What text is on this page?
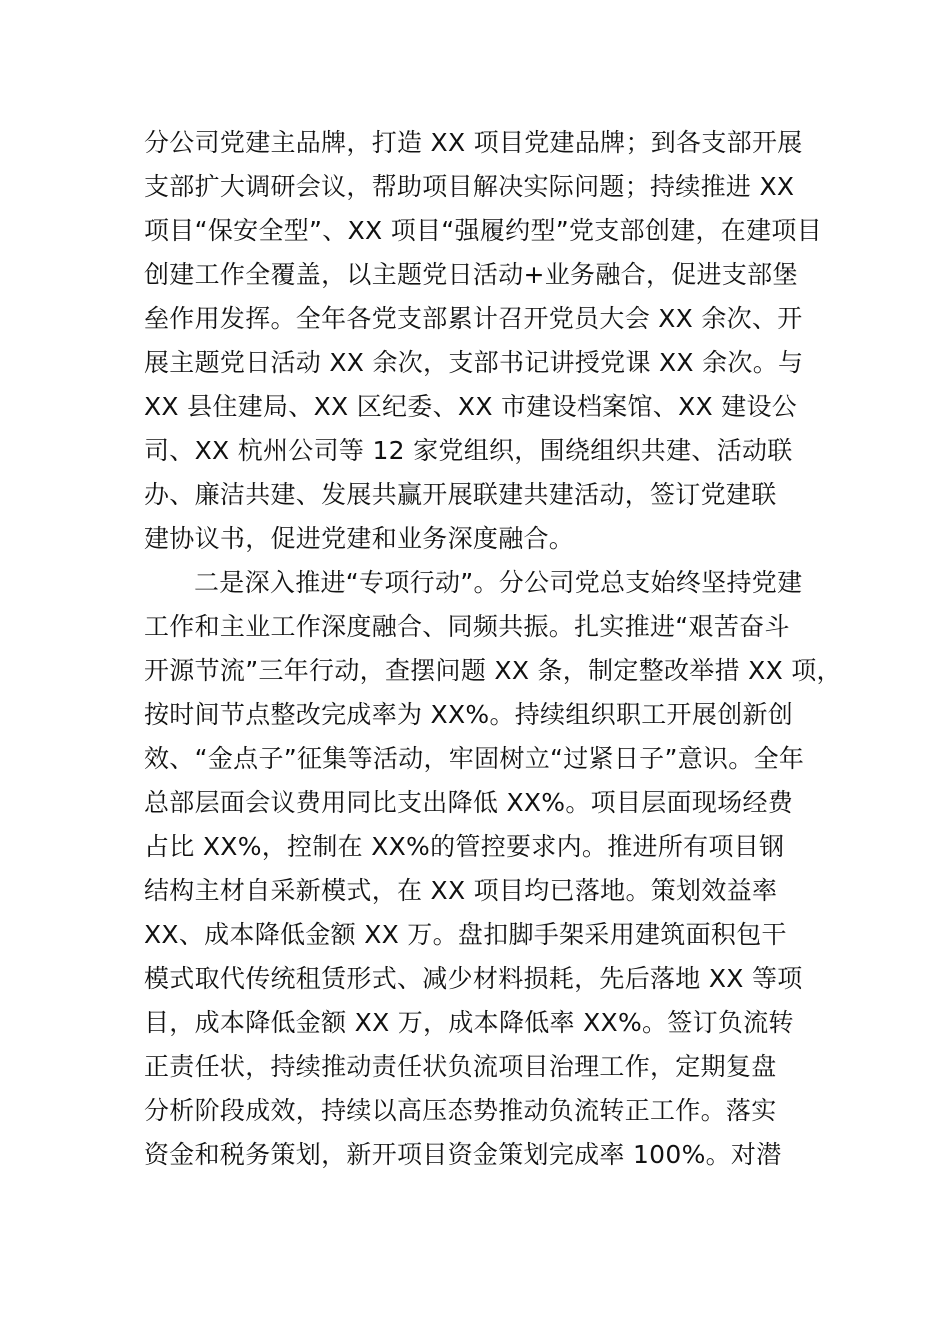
分公司党建主品牌，打造 XX 项目党建品牌；到各支部开展
支部扩大调研会议，帮助项目解决实际问题；持续推进 XX
项目“保安全型”、XX 项目“强履约型”党支部创建，在建项目
创建工作全覆盖，以主题党日活动+业务融合，促进支部堡
垒作用发挥。全年各党支部累计召开党员大会 XX 余次、开
展主题党日活动 XX 余次，支部书记讲授党课 XX 余次。与
XX 县住建局、XX 区纪委、XX 市建设档案馆、XX 建设公
司、XX 杭州公司等 12 家党组织，围绕组织共建、活动联
办、廉洁共建、发展共赢开展联建共建活动，签订党建联
建协议书，促进党建和业务深度融合。
二是深入推进“专项行动”。分公司党总支始终坚持党建
工作和主业工作深度融合、同频共振。扎实推进“艰苦奋斗
开源节流”三年行动，查摆问题 XX 条，制定整改举措 XX 项，
按时间节点整改完成率为 XX%。持续组织职工开展创新创
效、“金点子”征集等活动，牢固树立“过紧日子”意识。全年
总部层面会议费用同比支出降低 XX%。项目层面现场经费
占比 XX%，控制在 XX%的管控要求内。推进所有项目钢
结构主材自采新模式，在 XX 项目均已落地。策划效益率
XX、成本降低金额 XX 万。盘扣脚手架采用建筑面积包干
模式取代传统租赁形式、减少材料损耗，先后落地 XX 等项
目，成本降低金额 XX 万，成本降低率 XX%。签订负流转
正责任状，持续推动责任状负流项目治理工作，定期复盘
分析阶段成效，持续以高压态势推动负流转正工作。落实
资金和税务策划，新开项目资金策划完成率 100%。对潜
